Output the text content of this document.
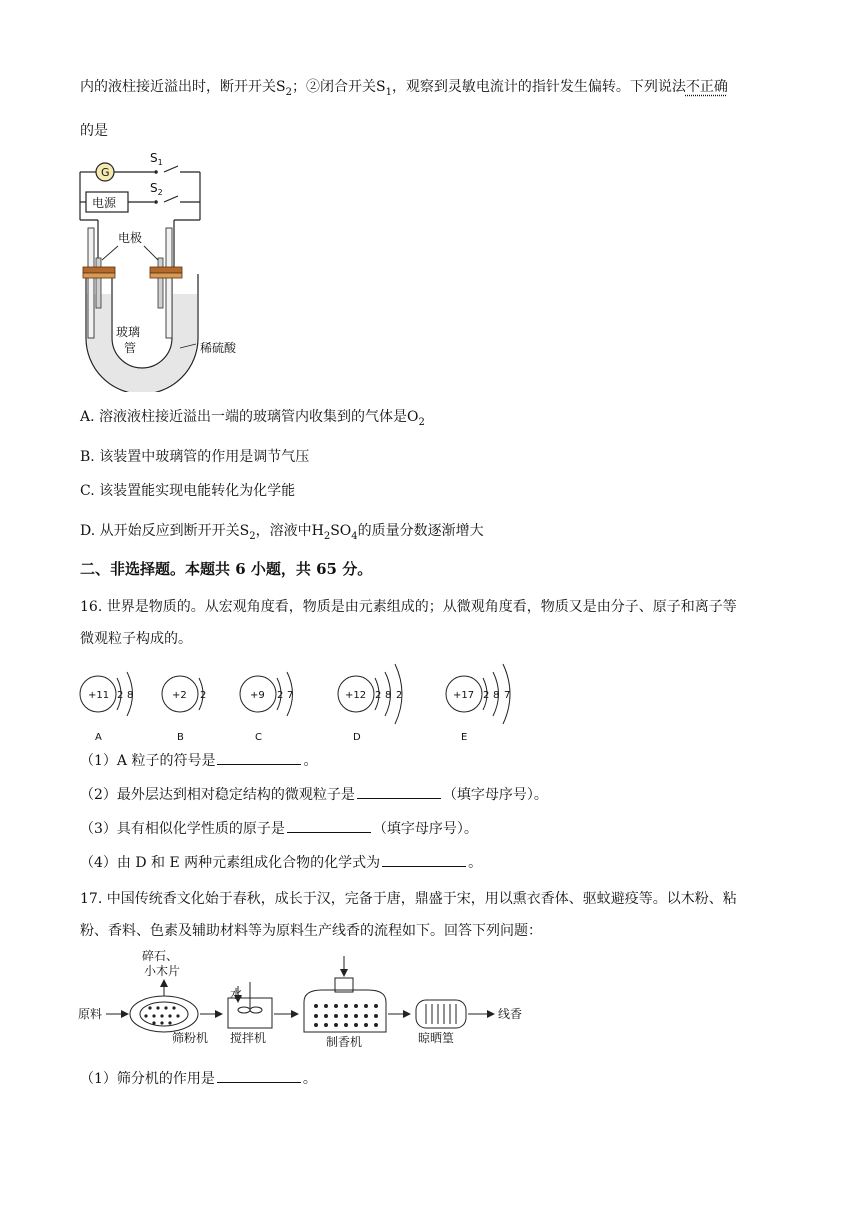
内的液柱接近溢出时，断开开关$S_2$；②闭合开关$S_1$，观察到灵敏电流计的指针发生偏转。下列说法不正确
的是
G
$S_1$
$S_2$
电源
电极
玻璃
管	稀硫酸
A. 溶液液柱接近溢出一端的玻璃管内收集到的气体是$O_2$
B. 该装置中玻璃管的作用是调节气压
C. 该装置能实现电能转化为化学能
D. 从开始反应到断开开关$S_2$，溶液中$H_2SO_4$的质量分数逐渐增大
二、非选择题。本题共 6 小题，共 65 分。
16. 世界是物质的。从宏观角度看，物质是由元素组成的；从微观角度看，物质又是由分子、原子和离子等
微观粒子构成的。
+11 2 8
A
+2 2
B
+9 2 7
C
+12 2 8 2
D
+17 2 8 7
E
（1）A 粒子的符号是	。
（2）最外层达到相对稳定结构的微观粒子是	（填字母序号）。
（3）具有相似化学性质的原子是	（填字母序号）。
（4）由 D 和 E 两种元素组成化合物的化学式为	。
17. 中国传统香文化始于春秋，成长于汉，完备于唐，鼎盛于宋，用以熏衣香体、驱蚊避疫等。以木粉、粘
粉、香料、色素及辅助材料等为原料生产线香的流程如下。回答下列问题：
原料
碎石、
小木片
筛粉机
水
搅拌机	制香机	晾晒篁
线香
（1）筛分机的作用是	。
